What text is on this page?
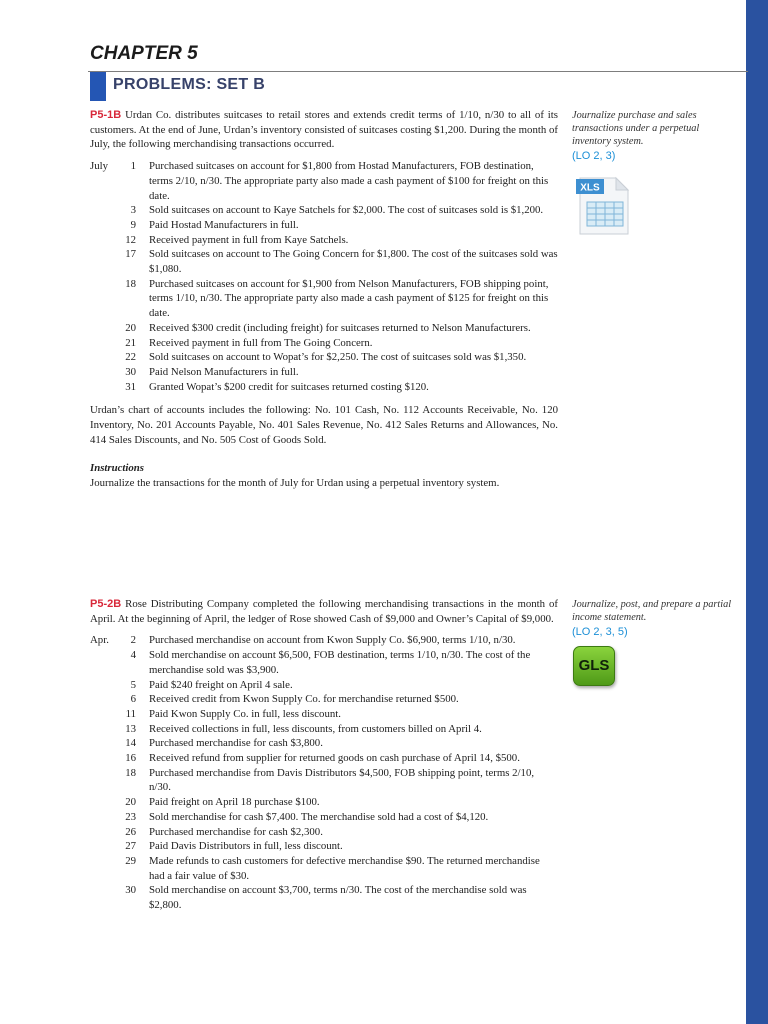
CHAPTER 5
PROBLEMS: SET B

P5-1B Urdan Co. distributes suitcases to retail stores and extends credit terms of 1/10, n/30 to all of its customers. At the end of June, Urdan’s inventory consisted of suitcases costing $1,200. During the month of July, the following merchandising transactions occurred.

July	1 Purchased suitcases on account for $1,800 from Hostad Manufacturers, FOB destination, terms 2/10, n/30. The appropriate party also made a cash payment of $100 for freight on this date.
3 Sold suitcases on account to Kaye Satchels for $2,000. The cost of suitcases sold is $1,200.
9 Paid Hostad Manufacturers in full.
12 Received payment in full from Kaye Satchels.
17 Sold suitcases on account to The Going Concern for $1,800. The cost of the suitcases sold was $1,080.
18 Purchased suitcases on account for $1,900 from Nelson Manufacturers, FOB shipping point, terms 1/10, n/30. The appropriate party also made a cash payment of $125 for freight on this date.
20 Received $300 credit (including freight) for suitcases returned to Nelson Manufacturers.
21 Received payment in full from The Going Concern.
22 Sold suitcases on account to Wopat’s for $2,250. The cost of suitcases sold was $1,350.
30 Paid Nelson Manufacturers in full.
31 Granted Wopat’s $200 credit for suitcases returned costing $120.

Urdan’s chart of accounts includes the following: No. 101 Cash, No. 112 Accounts Receivable, No. 120 Inventory, No. 201 Accounts Payable, No. 401 Sales Revenue, No. 412 Sales Returns and Allowances, No. 414 Sales Discounts, and No. 505 Cost of Goods Sold.

Instructions

Journalize the transactions for the month of July for Urdan using a perpetual inventory system.

Journalize purchase and sales transactions under a perpetual inventory system.
(LO 2, 3)
XLS

P5-2B Rose Distributing Company completed the following merchandising transactions in the month of April. At the beginning of April, the ledger of Rose showed Cash of $9,000 and Owner’s Capital of $9,000.

Apr.	2 Purchased merchandise on account from Kwon Supply Co. $6,900, terms 1/10, n/30.
4 Sold merchandise on account $6,500, FOB destination, terms 1/10, n/30. The cost of the merchandise sold was $3,900.
5 Paid $240 freight on April 4 sale.
6 Received credit from Kwon Supply Co. for merchandise returned $500.
11 Paid Kwon Supply Co. in full, less discount.
13 Received collections in full, less discounts, from customers billed on April 4.
14 Purchased merchandise for cash $3,800.
16 Received refund from supplier for returned goods on cash purchase of April 14, $500.
18 Purchased merchandise from Davis Distributors $4,500, FOB shipping point, terms 2/10, n/30.
20 Paid freight on April 18 purchase $100.
23 Sold merchandise for cash $7,400. The merchandise sold had a cost of $4,120.
26 Purchased merchandise for cash $2,300.
27 Paid Davis Distributors in full, less discount.
29 Made refunds to cash customers for defective merchandise $90. The returned merchandise had a fair value of $30.
30 Sold merchandise on account $3,700, terms n/30. The cost of the merchandise sold was $2,800.
Journalize, post, and prepare a partial income statement.
(LO 2, 3, 5)
GLS
